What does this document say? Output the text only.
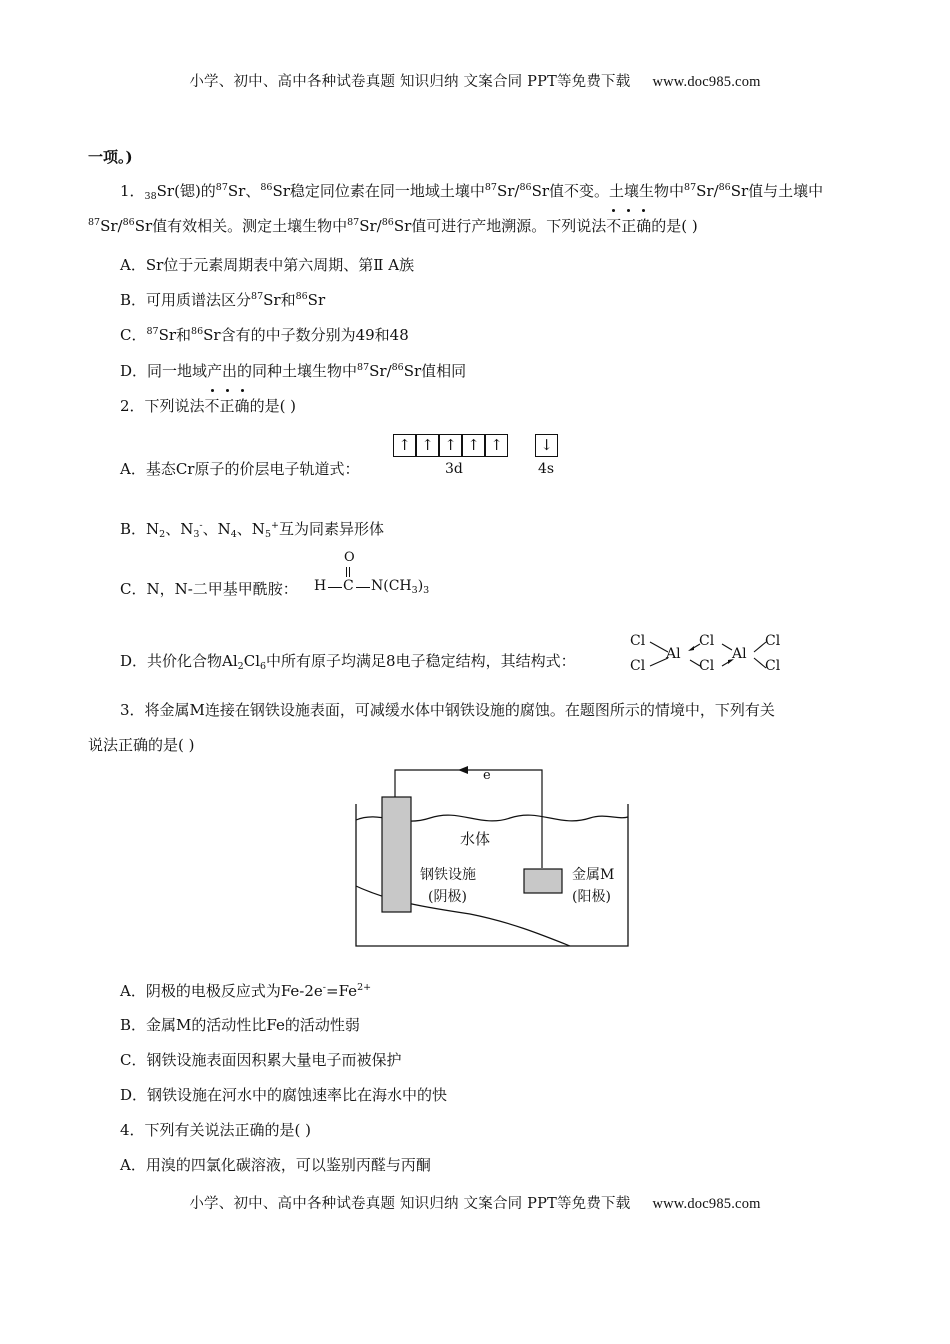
小学、初中、高中各种试卷真题 知识归纳 文案合同 PPT等免费下载 www.doc985.com
一项。)
1．$_{38}$Sr(锶)的$^{87}$Sr、$^{86}$Sr稳定同位素在同一地域土壤中$^{87}$Sr/$^{86}$Sr值不变。土壤生物中$^{87}$Sr/$^{86}$Sr值与土壤中
$^{87}$Sr/$^{86}$Sr值有效相关。测定土壤生物中$^{87}$Sr/$^{86}$Sr值可进行产地溯源。下列说法
不正确的是( )
A．Sr位于元素周期表中第六周期、第Ⅱ A族
B．可用质谱法区分$^{87}$Sr和$^{86}$Sr
C．$^{87}$Sr和$^{86}$Sr含有的中子数分别为49和48
D．同一地域产出的同种土壤生物中$^{87}$Sr/$^{86}$Sr值相同
2．下列说法
不正确的是( )
A．基态Cr原子的价层电子轨道式：
↑ ↑ ↑ ↑ ↑ ↓
3d	4s
B．$N_2$、$N_3^-$、$N_4$、$N_5^+$互为同素异形体
C．N，N-二甲基甲酰胺：
O
H C $N(CH_3)_3$
D．共价化合物$Al_2Cl_6$中所有原子均满足8电子稳定结构，其结构式：
Cl
Cl
Al
Cl
Cl
Al
Cl
Cl
3．将金属M连接在钢铁设施表面，可减缓水体中钢铁设施的腐蚀。在题图所示的情境中，下列有关
说法正确的是( )
e−
水体
钢铁设施
(阴极)
金属M
(阳极)
A．阴极的电极反应式为$Fe-2e^-=Fe^{2+}$
B．金属M的活动性比Fe的活动性弱
C．钢铁设施表面因积累大量电子而被保护
D．钢铁设施在河水中的腐蚀速率比在海水中的快
4．下列有关说法正确的是( )
A．用溴的四氯化碳溶液，可以鉴别丙醛与丙酮
小学、初中、高中各种试卷真题 知识归纳 文案合同 PPT等免费下载 www.doc985.com
